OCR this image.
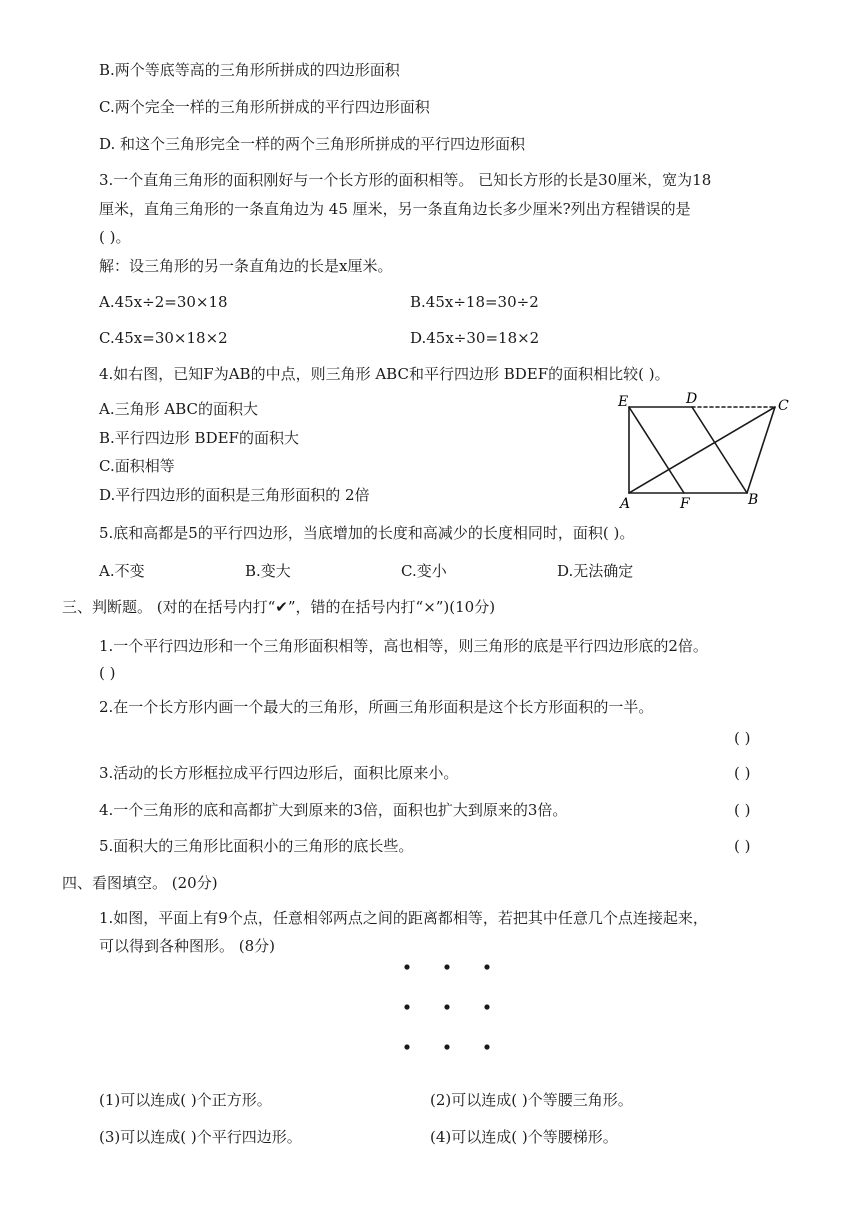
B.两个等底等高的三角形所拼成的四边形面积
C.两个完全一样的三角形所拼成的平行四边形面积
D. 和这个三角形完全一样的两个三角形所拼成的平行四边形面积
3.一个直角三角形的面积刚好与一个长方形的面积相等。 已知长方形的长是30厘米，宽为18
厘米，直角三角形的一条直角边为 45 厘米，另一条直角边长多少厘米?列出方程错误的是
( )。
解：设三角形的另一条直角边的长是x厘米。
A.45x÷2=30×18	B.45x÷18=30÷2
C.45x=30×18×2	D.45x÷30=18×2
4.如右图，已知F为AB的中点，则三角形 ABC和平行四边形 BDEF的面积相比较( )。
A.三角形 ABC的面积大
B.平行四边形 BDEF的面积大
C.面积相等
D.平行四边形的面积是三角形面积的 2倍
E	D	C
A	F	B
5.底和高都是5的平行四边形，当底增加的长度和高减少的长度相同时，面积( )。
A.不变	B.变大	C.变小	D.无法确定
三、判断题。 (对的在括号内打“✔”，错的在括号内打“×”)(10分)
1.一个平行四边形和一个三角形面积相等，高也相等，则三角形的底是平行四边形底的2倍。
( )
2.在一个长方形内画一个最大的三角形，所画三角形面积是这个长方形面积的一半。
( )
3.活动的长方形框拉成平行四边形后，面积比原来小。	( )
4.一个三角形的底和高都扩大到原来的3倍，面积也扩大到原来的3倍。	( )
5.面积大的三角形比面积小的三角形的底长些。	( )
四、看图填空。 (20分)
1.如图，平面上有9个点，任意相邻两点之间的距离都相等，若把其中任意几个点连接起来，
可以得到各种图形。 (8分)
(1)可以连成( )个正方形。	(2)可以连成( )个等腰三角形。
(3)可以连成( )个平行四边形。	(4)可以连成( )个等腰梯形。
